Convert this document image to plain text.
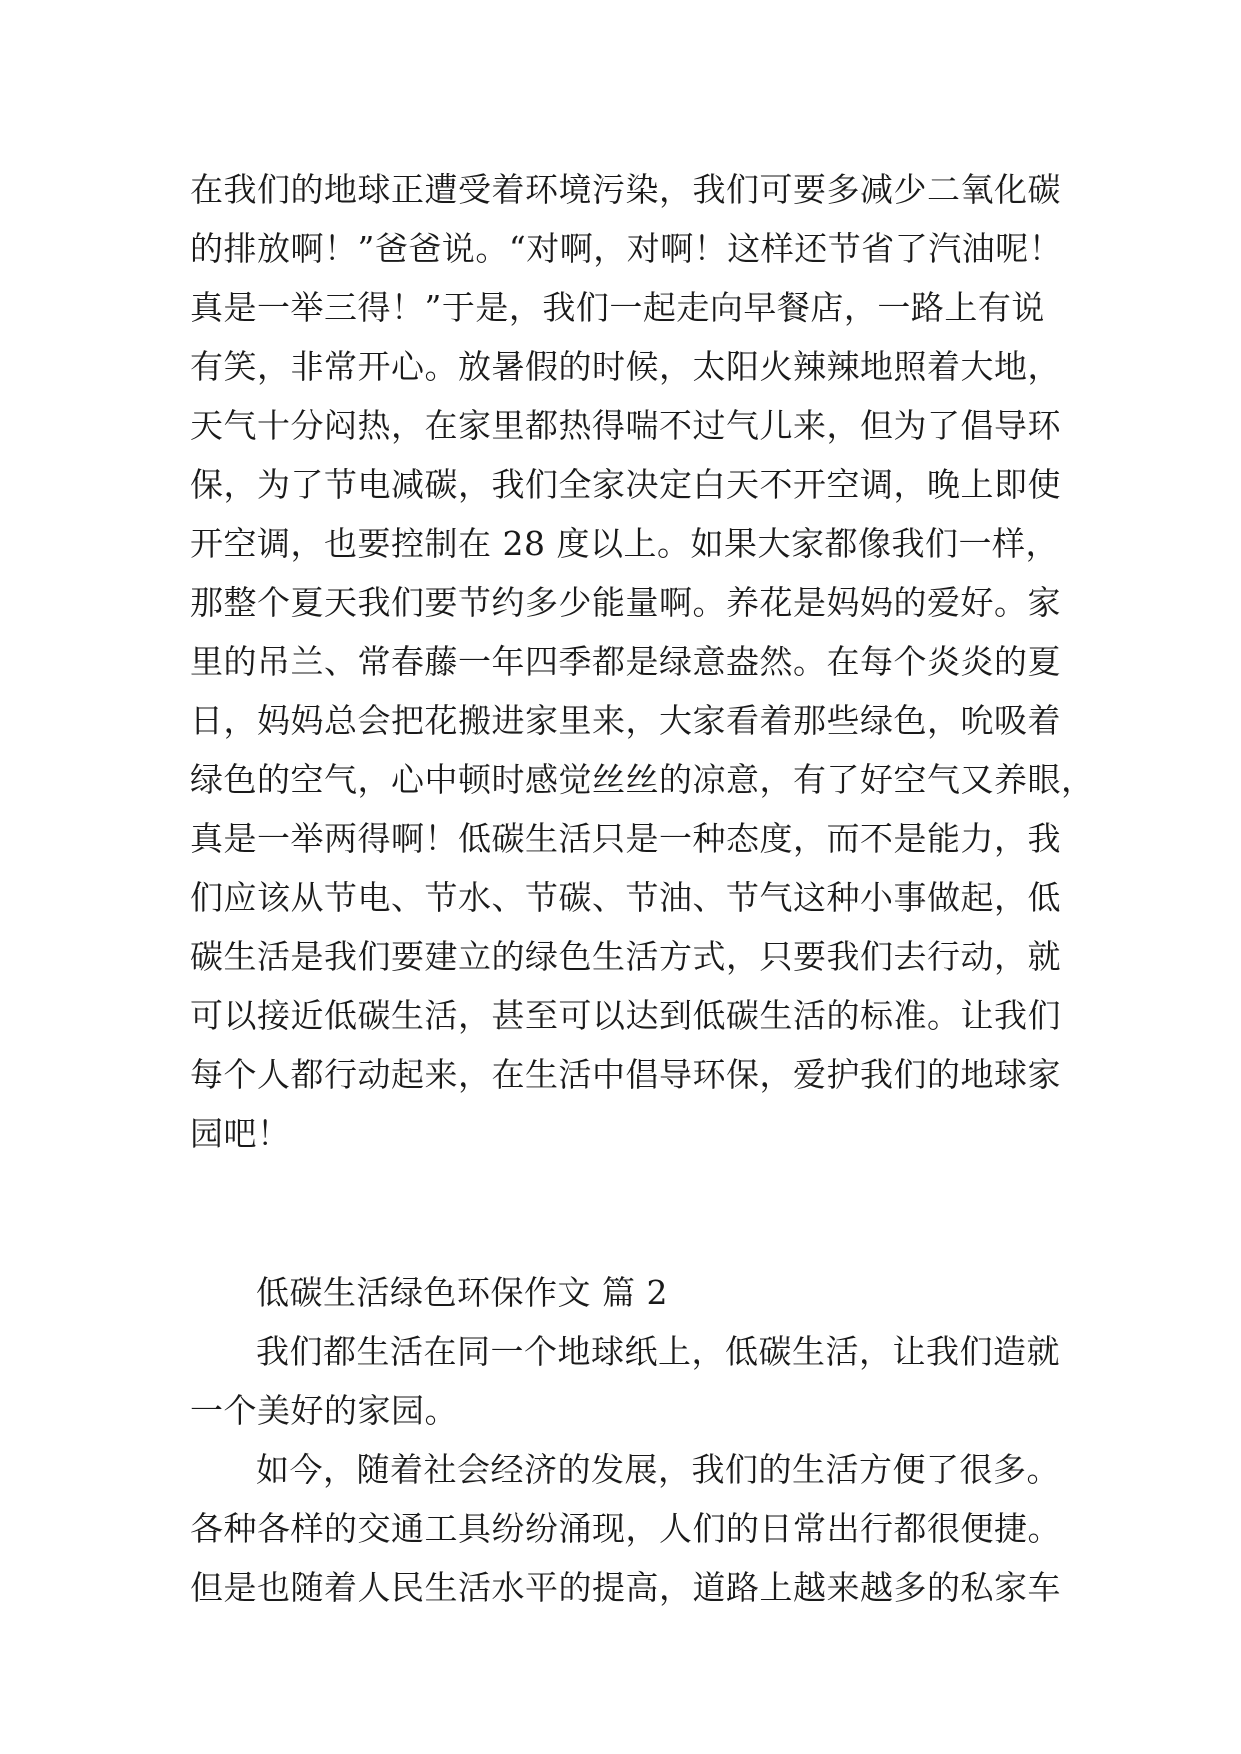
在我们的地球正遭受着环境污染，我们可要多减少二氧化碳
的排放啊！”爸爸说。“对啊，对啊！这样还节省了汽油呢！
真是一举三得！”于是，我们一起走向早餐店，一路上有说
有笑，非常开心。放暑假的时候，太阳火辣辣地照着大地，
天气十分闷热，在家里都热得喘不过气儿来，但为了倡导环
保，为了节电减碳，我们全家决定白天不开空调，晚上即使
开空调，也要控制在 28 度以上。如果大家都像我们一样，
那整个夏天我们要节约多少能量啊。养花是妈妈的爱好。家
里的吊兰、常春藤一年四季都是绿意盎然。在每个炎炎的夏
日，妈妈总会把花搬进家里来，大家看着那些绿色，吮吸着
绿色的空气，心中顿时感觉丝丝的凉意，有了好空气又养眼，
真是一举两得啊！低碳生活只是一种态度，而不是能力，我
们应该从节电、节水、节碳、节油、节气这种小事做起，低
碳生活是我们要建立的绿色生活方式，只要我们去行动，就
可以接近低碳生活，甚至可以达到低碳生活的标准。让我们
每个人都行动起来，在生活中倡导环保，爱护我们的地球家
园吧！
低碳生活绿色环保作文 篇 2
我们都生活在同一个地球纸上，低碳生活，让我们造就
一个美好的家园。
如今，随着社会经济的发展，我们的生活方便了很多。
各种各样的交通工具纷纷涌现，人们的日常出行都很便捷。
但是也随着人民生活水平的提高，道路上越来越多的私家车
